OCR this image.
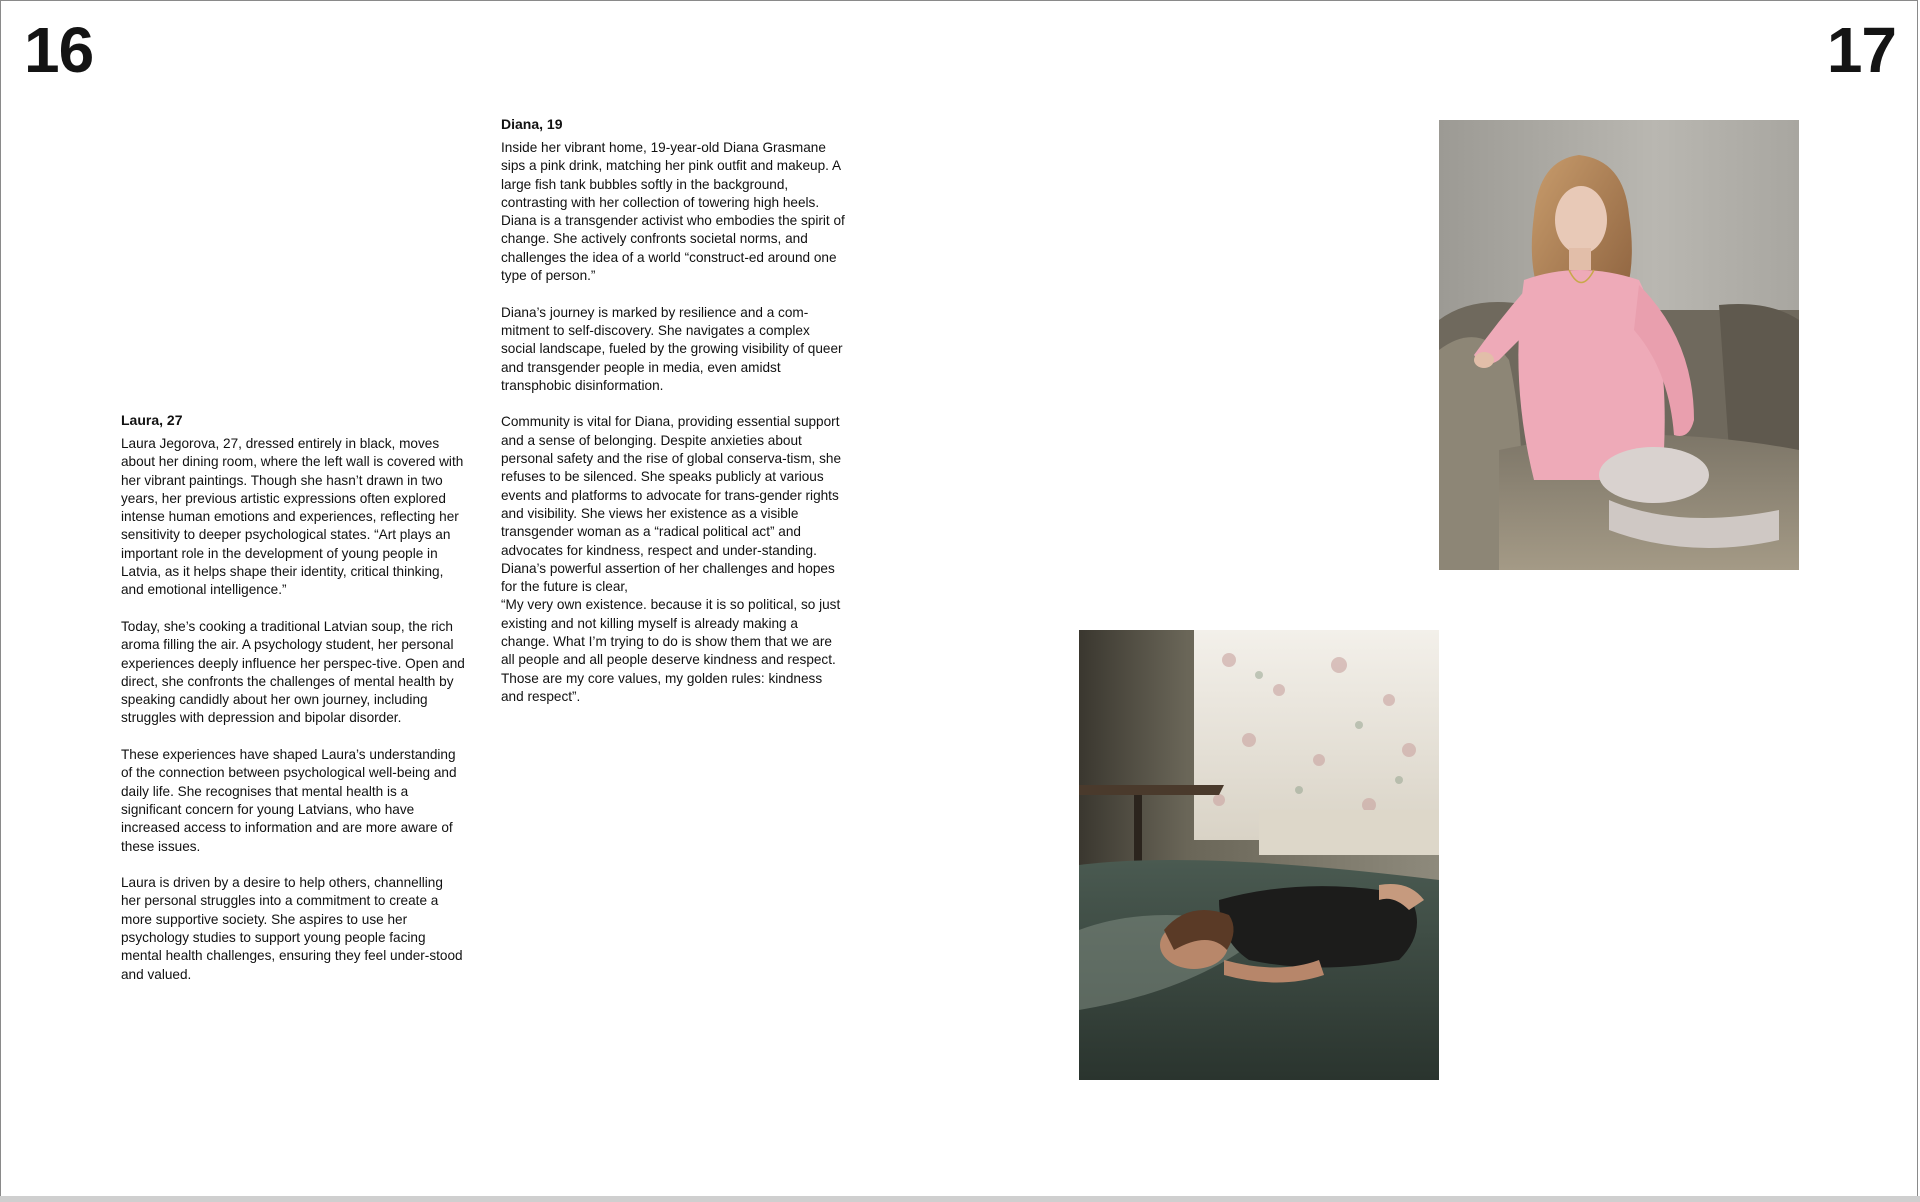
16	17
Laura, 27

Laura Jegorova, 27, dressed entirely in black, moves about her dining room, where the left wall is covered with her vibrant paintings. Though she hasn’t drawn in two years, her previous artistic expressions often explored intense human emotions and experiences, reflecting her sensitivity to deeper psychological states. “Art plays an important role in the development of young people in Latvia, as it helps shape their identity, critical thinking, and emotional intelligence.”

Today, she’s cooking a traditional Latvian soup, the rich aroma filling the air. A psychology student, her personal experiences deeply influence her perspec-tive. Open and direct, she confronts the challenges of mental health by speaking candidly about her own journey, including struggles with depression and bipolar disorder.

These experiences have shaped Laura’s understanding of the connection between psychological well-being and daily life. She recognises that mental health is a significant concern for young Latvians, who have increased access to information and are more aware of these issues.

Laura is driven by a desire to help others, channelling her personal struggles into a commitment to create a more supportive society. She aspires to use her psychology studies to support young people facing mental health challenges, ensuring they feel under-stood and valued.

Diana, 19

Inside her vibrant home, 19-year-old Diana Grasmane sips a pink drink, matching her pink outfit and makeup. A large fish tank bubbles softly in the background, contrasting with her collection of towering high heels. Diana is a transgender activist who embodies the spirit of change. She actively confronts societal norms, and challenges the idea of a world “construct-ed around one type of person.”

Diana’s journey is marked by resilience and a com-mitment to self-discovery. She navigates a complex social landscape, fueled by the growing visibility of queer and transgender people in media, even amidst transphobic disinformation.

Community is vital for Diana, providing essential support and a sense of belonging. Despite anxieties about personal safety and the rise of global conserva-tism, she refuses to be silenced. She speaks publicly at various events and platforms to advocate for trans-gender rights and visibility. She views her existence as a visible transgender woman as a “radical political act” and advocates for kindness, respect and under-standing. Diana’s powerful assertion of her challenges and hopes for the future is clear,

“My very own existence. because it is so political, so just existing and not killing myself is already making a change. What I’m trying to do is show them that we are all people and all people deserve kindness and respect. Those are my core values, my golden rules: kindness and respect”.
